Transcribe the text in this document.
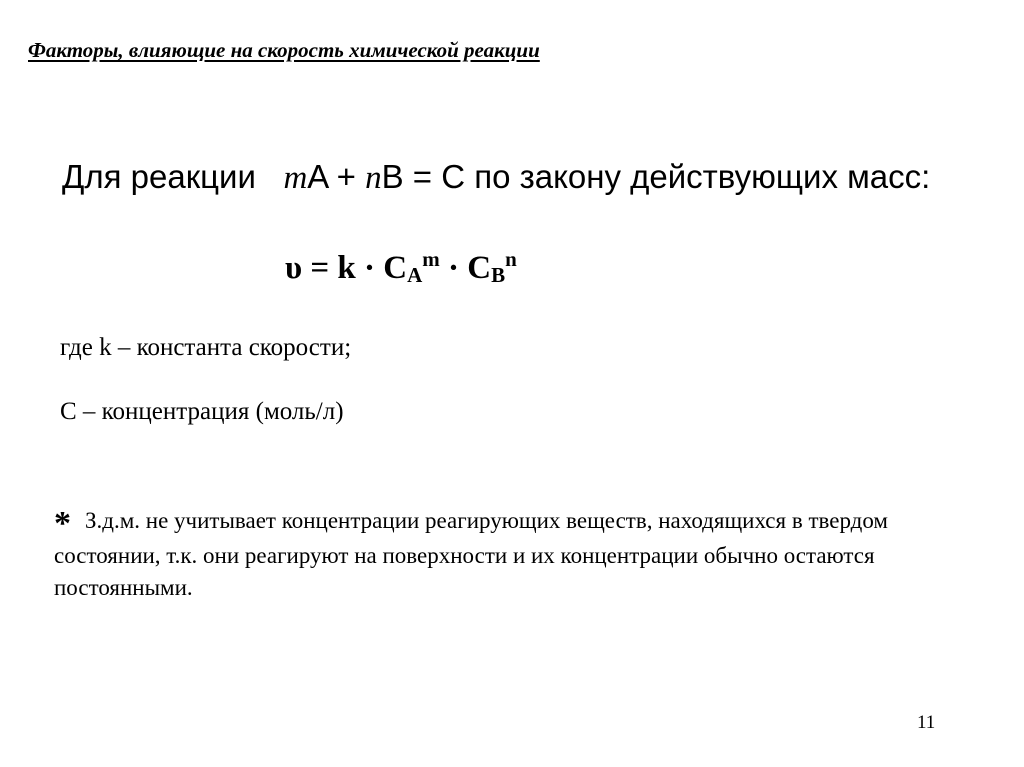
Факторы, влияющие на скорость химической реакции
Для реакции mA + nB = C по закону действующих масс:
$\upsilon = k \cdot C_A^m \cdot C_B^n$
где k – константа скорости;
С – концентрация (моль/л)
* З.д.м. не учитывает концентрации реагирующих веществ, находящихся в твердом состоянии, т.к. они реагируют на поверхности и их концентрации обычно остаются постоянными.
11
